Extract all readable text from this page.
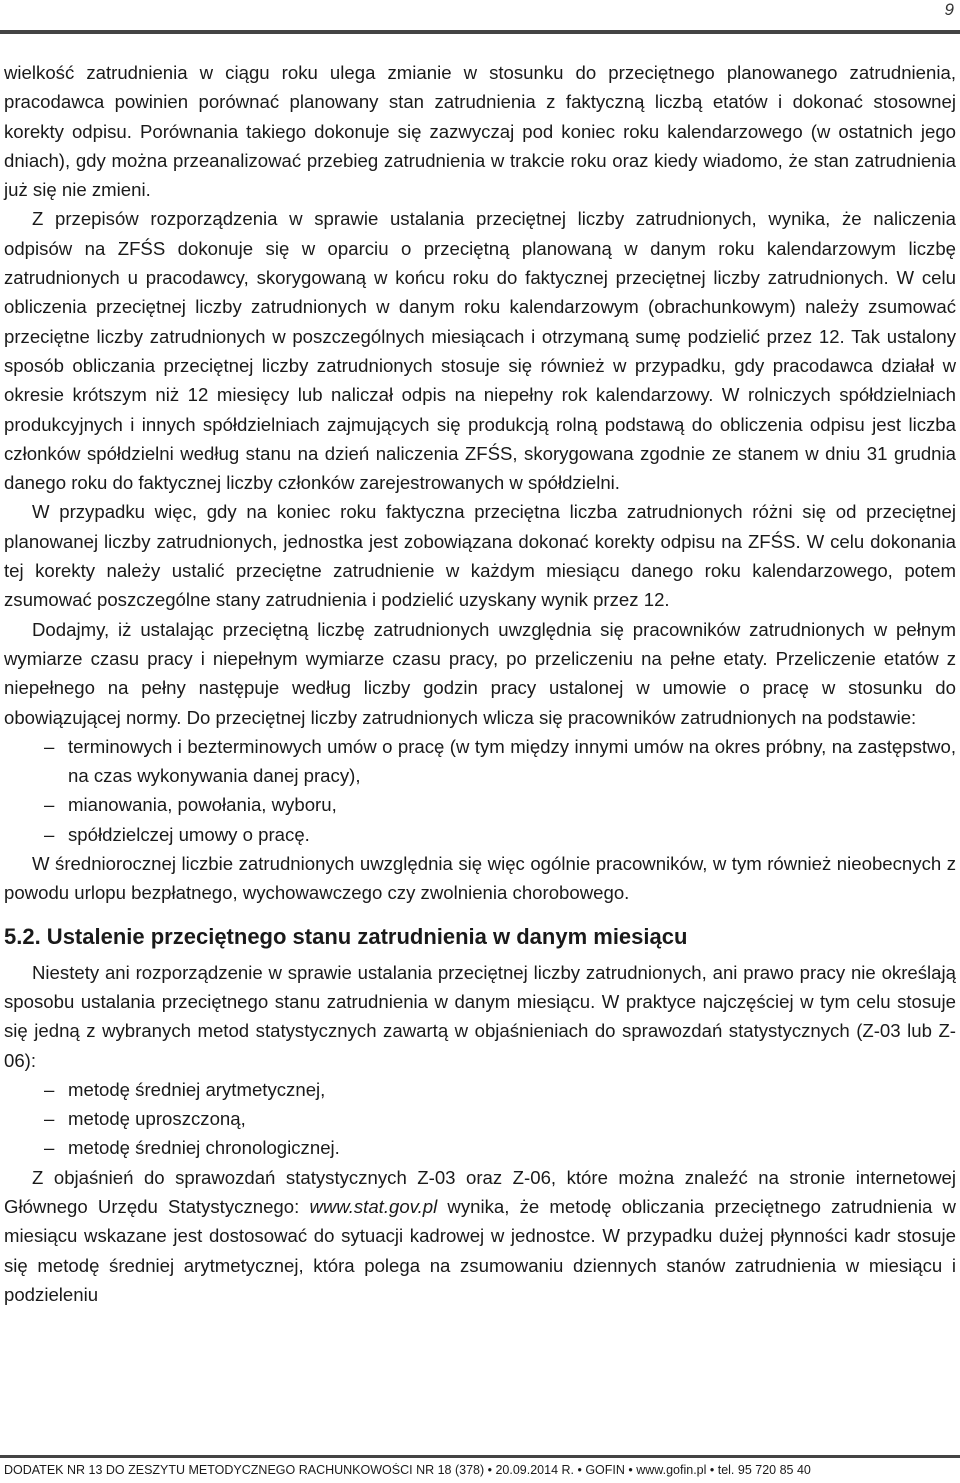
9

wielkość zatrudnienia w ciągu roku ulega zmianie w stosunku do przeciętnego planowanego zatrudnienia, pracodawca powinien porównać planowany stan zatrudnienia z faktyczną liczbą etatów i dokonać stosownej korekty odpisu. Porównania takiego dokonuje się zazwyczaj pod koniec roku kalendarzowego (w ostatnich jego dniach), gdy można przeanalizować przebieg zatrudnienia w trakcie roku oraz kiedy wiadomo, że stan zatrudnienia już się nie zmieni.

Z przepisów rozporządzenia w sprawie ustalania przeciętnej liczby zatrudnionych, wynika, że naliczenia odpisów na ZFŚS dokonuje się w oparciu o przeciętną planowaną w danym roku kalendarzowym liczbę zatrudnionych u pracodawcy, skorygowaną w końcu roku do faktycznej przeciętnej liczby zatrudnionych. W celu obliczenia przeciętnej liczby zatrudnionych w danym roku kalendarzowym (obrachunkowym) należy zsumować przeciętne liczby zatrudnionych w poszczególnych miesiącach i otrzymaną sumę podzielić przez 12. Tak ustalony sposób obliczania przeciętnej liczby zatrudnionych stosuje się również w przypadku, gdy pracodawca działał w okresie krótszym niż 12 miesięcy lub naliczał odpis na niepełny rok kalendarzowy. W rolniczych spółdzielniach produkcyjnych i innych spółdzielniach zajmujących się produkcją rolną podstawą do obliczenia odpisu jest liczba członków spółdzielni według stanu na dzień naliczenia ZFŚS, skorygowana zgodnie ze stanem w dniu 31 grudnia danego roku do faktycznej liczby członków zarejestrowanych w spółdzielni.

W przypadku więc, gdy na koniec roku faktyczna przeciętna liczba zatrudnionych różni się od przeciętnej planowanej liczby zatrudnionych, jednostka jest zobowiązana dokonać korekty odpisu na ZFŚS. W celu dokonania tej korekty należy ustalić przeciętne zatrudnienie w każdym miesiącu danego roku kalendarzowego, potem zsumować poszczególne stany zatrudnienia i podzielić uzyskany wynik przez 12.

Dodajmy, iż ustalając przeciętną liczbę zatrudnionych uwzględnia się pracowników zatrudnionych w pełnym wymiarze czasu pracy i niepełnym wymiarze czasu pracy, po przeliczeniu na pełne etaty. Przeliczenie etatów z niepełnego na pełny następuje według liczby godzin pracy ustalonej w umowie o pracę w stosunku do obowiązującej normy. Do przeciętnej liczby zatrudnionych wlicza się pracowników zatrudnionych na podstawie:

– terminowych i bezterminowych umów o pracę (w tym między innymi umów na okres próbny, na zastępstwo, na czas wykonywania danej pracy),
– mianowania, powołania, wyboru,
– spółdzielczej umowy o pracę.

W średniorocznej liczbie zatrudnionych uwzględnia się więc ogólnie pracowników, w tym również nieobecnych z powodu urlopu bezpłatnego, wychowawczego czy zwolnienia chorobowego.

5.2. Ustalenie przeciętnego stanu zatrudnienia w danym miesiącu

Niestety ani rozporządzenie w sprawie ustalania przeciętnej liczby zatrudnionych, ani prawo pracy nie określają sposobu ustalania przeciętnego stanu zatrudnienia w danym miesiącu. W praktyce najczęściej w tym celu stosuje się jedną z wybranych metod statystycznych zawartą w objaśnieniach do sprawozdań statystycznych (Z-03 lub Z-06):

– metodę średniej arytmetycznej,
– metodę uproszczoną,
– metodę średniej chronologicznej.

Z objaśnień do sprawozdań statystycznych Z-03 oraz Z-06, które można znaleźć na stronie internetowej Głównego Urzędu Statystycznego: www.stat.gov.pl wynika, że metodę obliczania przeciętnego zatrudnienia w miesiącu wskazane jest dostosować do sytuacji kadrowej w jednostce. W przypadku dużej płynności kadr stosuje się metodę średniej arytmetycznej, która polega na zsumowaniu dziennych stanów zatrudnienia w miesiącu i podzieleniu

DODATEK NR 13 DO ZESZYTU METODYCZNEGO RACHUNKOWOŚCI NR 18 (378) • 20.09.2014 R. • GOFIN • www.gofin.pl • tel. 95 720 85 40
